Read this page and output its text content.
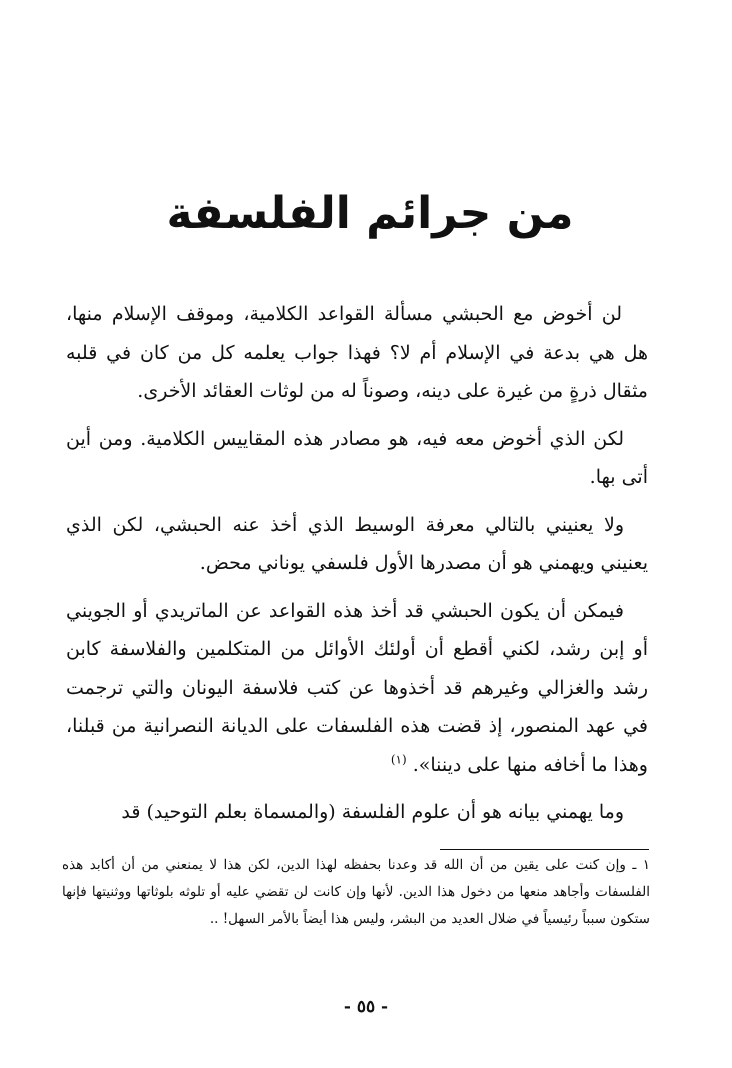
من جرائم الفلسفة

لن أخوض مع الحبشي مسألة القواعد الكلامية، وموقف الإسلام منها، هل هي بدعة في الإسلام أم لا؟ فهذا جواب يعلمه كل من كان في قلبه مثقال ذرةٍ من غيرة على دينه، وصوناً له من لوثات العقائد الأخرى.

لكن الذي أخوض معه فيه، هو مصادر هذه المقاييس الكلامية. ومن أين أتى بها.

ولا يعنيني بالتالي معرفة الوسيط الذي أخذ عنه الحبشي، لكن الذي يعنيني ويهمني هو أن مصدرها الأول فلسفي يوناني محض.

فيمكن أن يكون الحبشي قد أخذ هذه القواعد عن الماتريدي أو الجويني أو إبن رشد، لكني أقطع أن أولئك الأوائل من المتكلمين والفلاسفة كابن رشد والغزالي وغيرهم قد أخذوها عن كتب فلاسفة اليونان والتي ترجمت في عهد المنصور، إذ قضت هذه الفلسفات على الديانة النصرانية من قبلنا، وهذا ما أخافه منها على ديننا». $^{(١)}$

وما يهمني بيانه هو أن علوم الفلسفة (والمسماة بعلم التوحيد) قد

١ ـ وإن كنت على يقين من أن الله قد وعدنا بحفظه لهذا الدين، لكن هذا لا يمنعني من أن أكابد هذه الفلسفات وأجاهد منعها من دخول هذا الدين. لأنها وإن كانت لن تقضي عليه أو تلوثه بلوثاتها ووثنيتها فإنها ستكون سبباً رئيسياً في ضلال العديد من البشر، وليس هذا أيضاً بالأمر السهل! ..
- ٥٥ -
